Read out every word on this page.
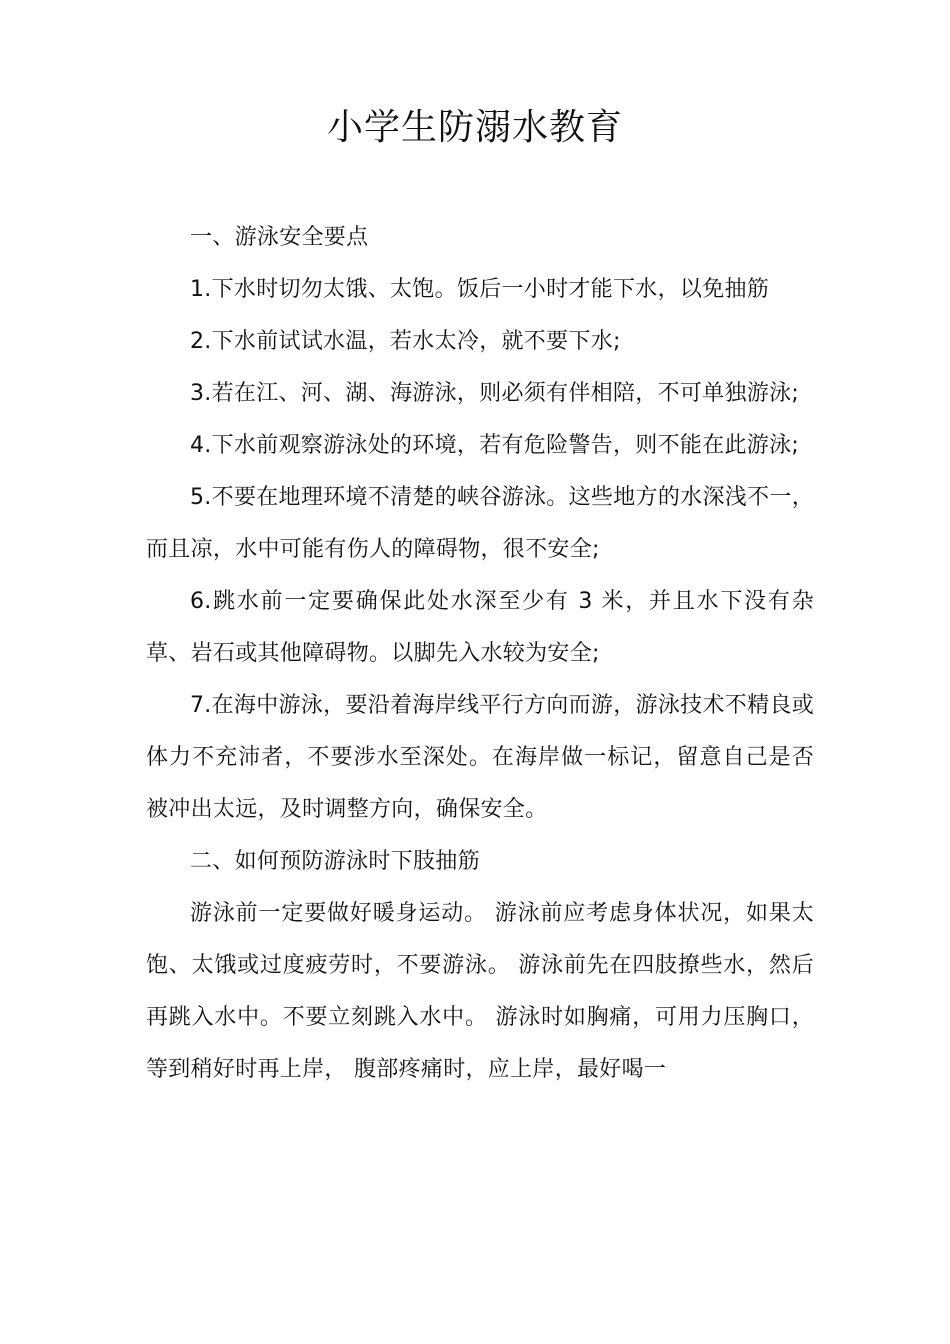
小学生防溺水教育

一、游泳安全要点

1.下水时切勿太饿、太饱。饭后一小时才能下水，以免抽筋

2.下水前试试水温，若水太冷，就不要下水;

3.若在江、河、湖、海游泳，则必须有伴相陪，不可单独游泳;

4.下水前观察游泳处的环境，若有危险警告，则不能在此游泳;

5.不要在地理环境不清楚的峡谷游泳。这些地方的水深浅不一，而且凉，水中可能有伤人的障碍物，很不安全;

6.跳水前一定要确保此处水深至少有 3 米，并且水下没有杂草、岩石或其他障碍物。以脚先入水较为安全;

7.在海中游泳，要沿着海岸线平行方向而游，游泳技术不精良或体力不充沛者，不要涉水至深处。在海岸做一标记，留意自己是否被冲出太远，及时调整方向，确保安全。

二、如何预防游泳时下肢抽筋

游泳前一定要做好暖身运动。 游泳前应考虑身体状况，如果太饱、太饿或过度疲劳时，不要游泳。 游泳前先在四肢撩些水，然后再跳入水中。不要立刻跳入水中。 游泳时如胸痛，可用力压胸口，等到稍好时再上岸， 腹部疼痛时，应上岸，最好喝一
